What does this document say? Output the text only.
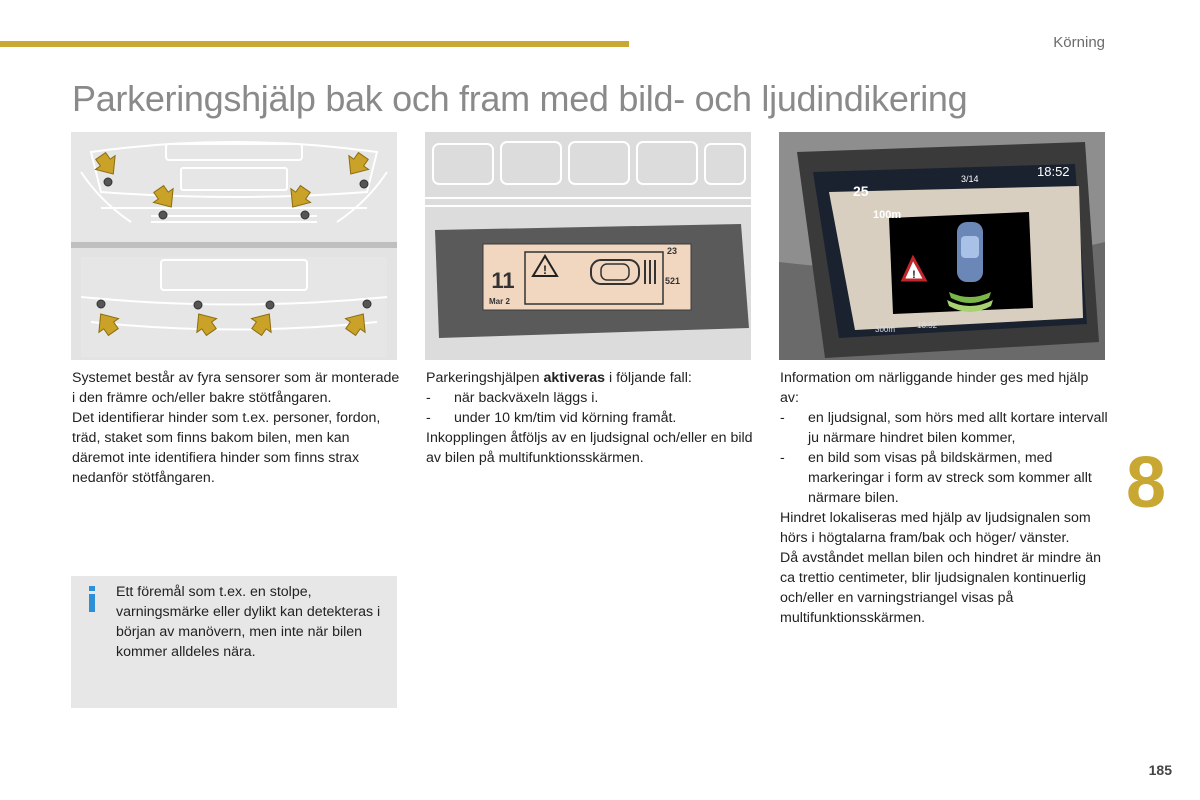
Körning
Parkeringshjälp bak och fram med bild- och ljudindikering
!
11
Mar 2
23
521	!
25
3/14	18:52
100m
300m	18:52

Systemet består av fyra sensorer som är monterade i den främre och/eller bakre stötfångaren.

Det identifierar hinder som t.ex. personer, fordon, träd, staket som finns bakom bilen, men kan däremot inte identifiera hinder som finns strax nedanför stötfångaren.

Ett föremål som t.ex. en stolpe, varningsmärke eller dylikt kan detekteras i början av manövern, men inte när bilen kommer alldeles nära.

Parkeringshjälpen aktiveras i följande fall:

-	när backväxeln läggs i.
-	under 10 km/tim vid körning framåt.

Inkopplingen åtföljs av en ljudsignal och/eller en bild av bilen på multifunktionsskärmen.

Information om närliggande hinder ges med hjälp av:

-	en ljudsignal, som hörs med allt kortare intervall ju närmare hindret bilen kommer,
-	en bild som visas på bildskärmen, med markeringar i form av streck som kommer allt närmare bilen.

Hindret lokaliseras med hjälp av ljudsignalen som hörs i högtalarna fram/bak och höger/ vänster.

Då avståndet mellan bilen och hindret är mindre än ca trettio centimeter, blir ljudsignalen kontinuerlig och/eller en varningstriangel visas på multifunktionsskärmen.

8
185
